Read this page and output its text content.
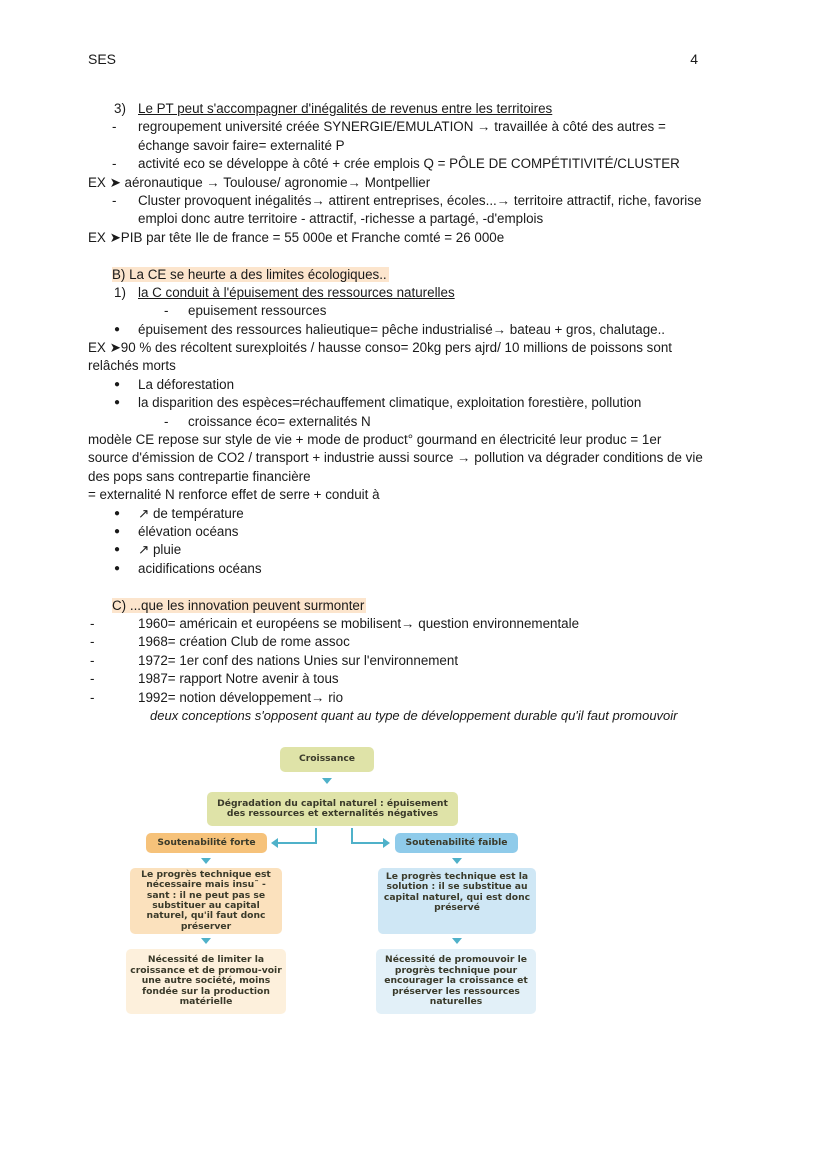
SES	4
3) Le PT peut s'accompagner d'inégalités de revenus entre les territoires
- regroupement université créée SYNERGIE/EMULATION → travaillée à côté des autres =
échange savoir faire= externalité P
- activité eco se développe à côté + crée emplois Q = PÔLE DE COMPÉTITIVITÉ/CLUSTER
EX ➤ aéronautique → Toulouse/ agronomie→ Montpellier
- Cluster provoquent inégalités→ attirent entreprises, écoles...→ territoire attractif, riche, favorise
emploi donc autre territoire - attractif, -richesse a partagé, -d'emplois
EX ➤PIB par tête Ile de france = 55 000e et Franche comté = 26 000e
B) La CE se heurte a des limites écologiques..
1) la C conduit à l'épuisement des ressources naturelles
- epuisement ressources
● épuisement des ressources halieutique= pêche industrialisé→ bateau + gros, chalutage..
EX ➤90 % des récoltent surexploités / hausse conso= 20kg pers ajrd/ 10 millions de poissons sont
relâchés morts
● La déforestation
● la disparition des espèces=réchauffement climatique, exploitation forestière, pollution
- croissance éco= externalités N
modèle CE repose sur style de vie + mode de product° gourmand en électricité leur produc = 1er
source d'émission de CO2 / transport + industrie aussi source → pollution va dégrader conditions de vie
des pops sans contrepartie financière
= externalité N renforce effet de serre + conduit à
● ↗ de température
● élévation océans
● ↗ pluie
● acidifications océans
C) ...que les innovation peuvent surmonter
-	1960= américain et européens se mobilisent→ question environnementale
-	1968= création Club de rome assoc
-	1972= 1er conf des nations Unies sur l'environnement
-	1987= rapport Notre avenir à tous
-	1992= notion développement→ rio
deux conceptions s'opposent quant au type de développement durable qu'il faut promouvoir
Croissance
Dégradation du capital naturel : épuisement des ressources et externalités négatives
Soutenabilité forte	Soutenabilité faible
Le progrès technique est nécessaire mais insu˜ - sant : il ne peut pas se substituer au capital naturel, qu'il faut donc préserver
Le progrès technique est la solution : il se substitue au capital naturel, qui est donc préservé
Nécessité de limiter la croissance et de promou-voir une autre société, moins fondée sur la production matérielle
Nécessité de promouvoir le progrès technique pour encourager la croissance et préserver les ressources naturelles
